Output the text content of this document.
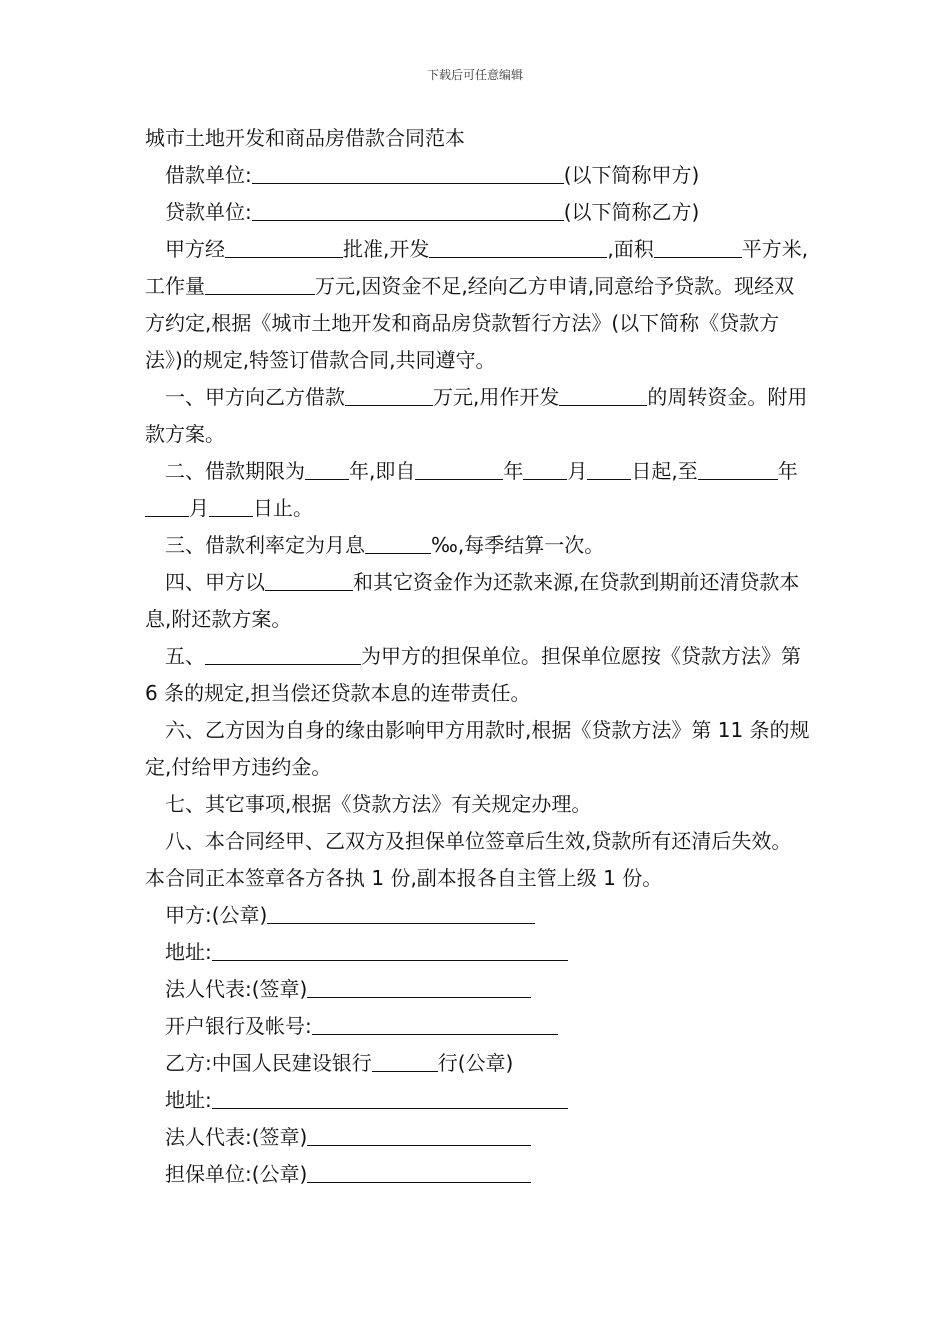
下载后可任意编辑
城市土地开发和商品房借款合同范本
借款单位:	(以下简称甲方)
贷款单位:	(以下简称乙方)
甲方经	批准,开发	,面积	平方米,工作量	万元,因资金不足,经向乙方申请,同意给予贷款。现经双方约定,根据《城市土地开发和商品房贷款暂行方法》(以下简称《贷款方法》)的规定,特签订借款合同,共同遵守。
一、甲方向乙方借款	万元,用作开发	的周转资金。附用款方案。
二、借款期限为 年,即自	年 月 日起,至	年月 日止。
三、借款利率定为月息	‰,每季结算一次。
四、甲方以	和其它资金作为还款来源,在贷款到期前还清贷款本息,附还款方案。
五、	为甲方的担保单位。担保单位愿按《贷款方法》第 6 条的规定,担当偿还贷款本息的连带责任。
六、乙方因为自身的缘由影响甲方用款时,根据《贷款方法》第 11 条的规定,付给甲方违约金。
七、其它事项,根据《贷款方法》有关规定办理。
八、本合同经甲、乙双方及担保单位签章后生效,贷款所有还清后失效。本合同正本签章各方各执 1 份,副本报各自主管上级 1 份。
甲方:(公章)
地址:
法人代表:(签章)
开户银行及帐号:
乙方:中国人民建设银行	行(公章)
地址:
法人代表:(签章)
担保单位:(公章)
